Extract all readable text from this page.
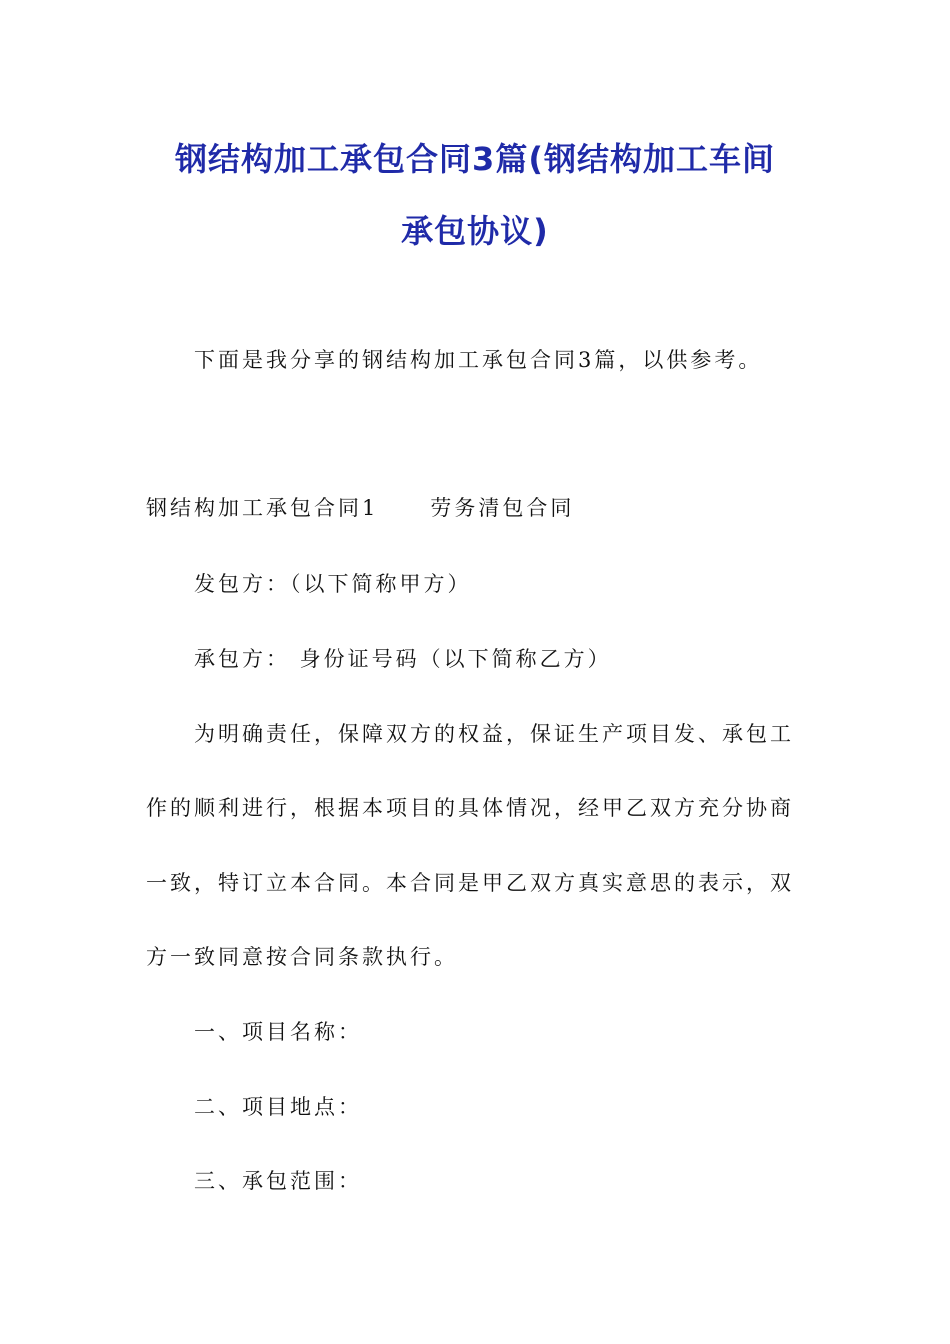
钢结构加工承包合同3篇(钢结构加工车间
承包协议)
下面是我分享的钢结构加工承包合同3篇，以供参考。
钢结构加工承包合同1 劳务清包合同
发包方：（以下简称甲方）
承包方： 身份证号码（以下简称乙方）
为明确责任，保障双方的权益，保证生产项目发、承包工
作的顺利进行，根据本项目的具体情况，经甲乙双方充分协商
一致，特订立本合同。本合同是甲乙双方真实意思的表示，双
方一致同意按合同条款执行。
一、项目名称：
二、项目地点：
三、承包范围：
